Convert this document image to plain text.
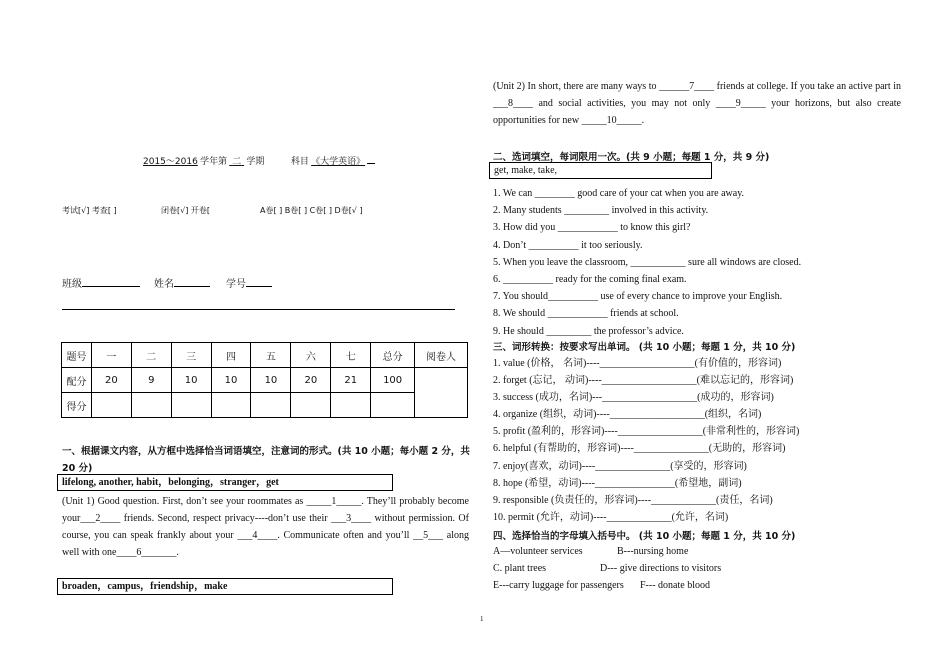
2015～2016 学年第 二 学期	科目 《大学英语》
考试[√] 考查[ ]	闭卷[√] 开卷[	A卷[ ] B卷[ ] C卷[ ] D卷[√ ]
班级	姓名	学号
题号	一	二	三	四	五	六	七	总分	阅卷人
配分	20	9	10	10	10	20	21	100	
得分									
一、根据课文内容，从方框中选择恰当词语填空，注意词的形式。(共 10 小题；每小题 2 分，共 20 分)
lifelong, another, habit，belonging，stranger，get
(Unit 1) Good question. First, don’t see your roommates as _____1_____. They’ll probably become your___2____ friends. Second, respect privacy----don’t use their ___3____ without permission. Of course, you can speak frankly about your ___4____. Communicate often and you’ll __5___ along well with one____6_______.
broaden，campus，friendship，make
(Unit 2) In short, there are many ways to ______7____ friends at college. If you take an active part in ___8____ and social activities, you may not only ____9_____ your horizons, but also create opportunities for new _____10_____.
二、选词填空，每词限用一次。(共 9 小题；每题 1 分，共 9 分)
get, make, take,
1. We can ________ good care of your cat when you are away.
2. Many students _________ involved in this activity.
3. How did you ____________ to know this girl?
4. Don’t __________ it too seriously.
5. When you leave the classroom, ___________ sure all windows are closed.
6. __________ ready for the coming final exam.
7. You should__________ use of every chance to improve your English.
8. We should ____________ friends at school.
9. He should _________ the professor’s advice.
三、词形转换：按要求写出单词。 (共 10 小题；每题 1 分，共 10 分)
1. value (价格， 名词)----___________________(有价值的，形容词)
2. forget (忘记， 动词)----___________________(难以忘记的，形容词)
3. success (成功，名词)---___________________(成功的，形容词)
4. organize (组织，动词)----___________________(组织，名词)
5. profit (盈利的，形容词)----_________________(非常利性的，形容词)
6. helpful (有帮助的，形容词)----_______________(无助的，形容词)
7. enjoy(喜欢，动词)----_______________(享受的，形容词)
8. hope (希望，动词)----________________(希望地，副词)
9. responsible (负责任的，形容词)----_____________(责任，名词)
10. permit (允许，动词)----_____________(允许，名词)
四、选择恰当的字母填入括号中。 (共 10 小题；每题 1 分，共 10 分)
A—volunteer services	B---nursing home
C. plant trees	D--- give directions to visitors
E---carry luggage for passengers F--- donate blood
1
